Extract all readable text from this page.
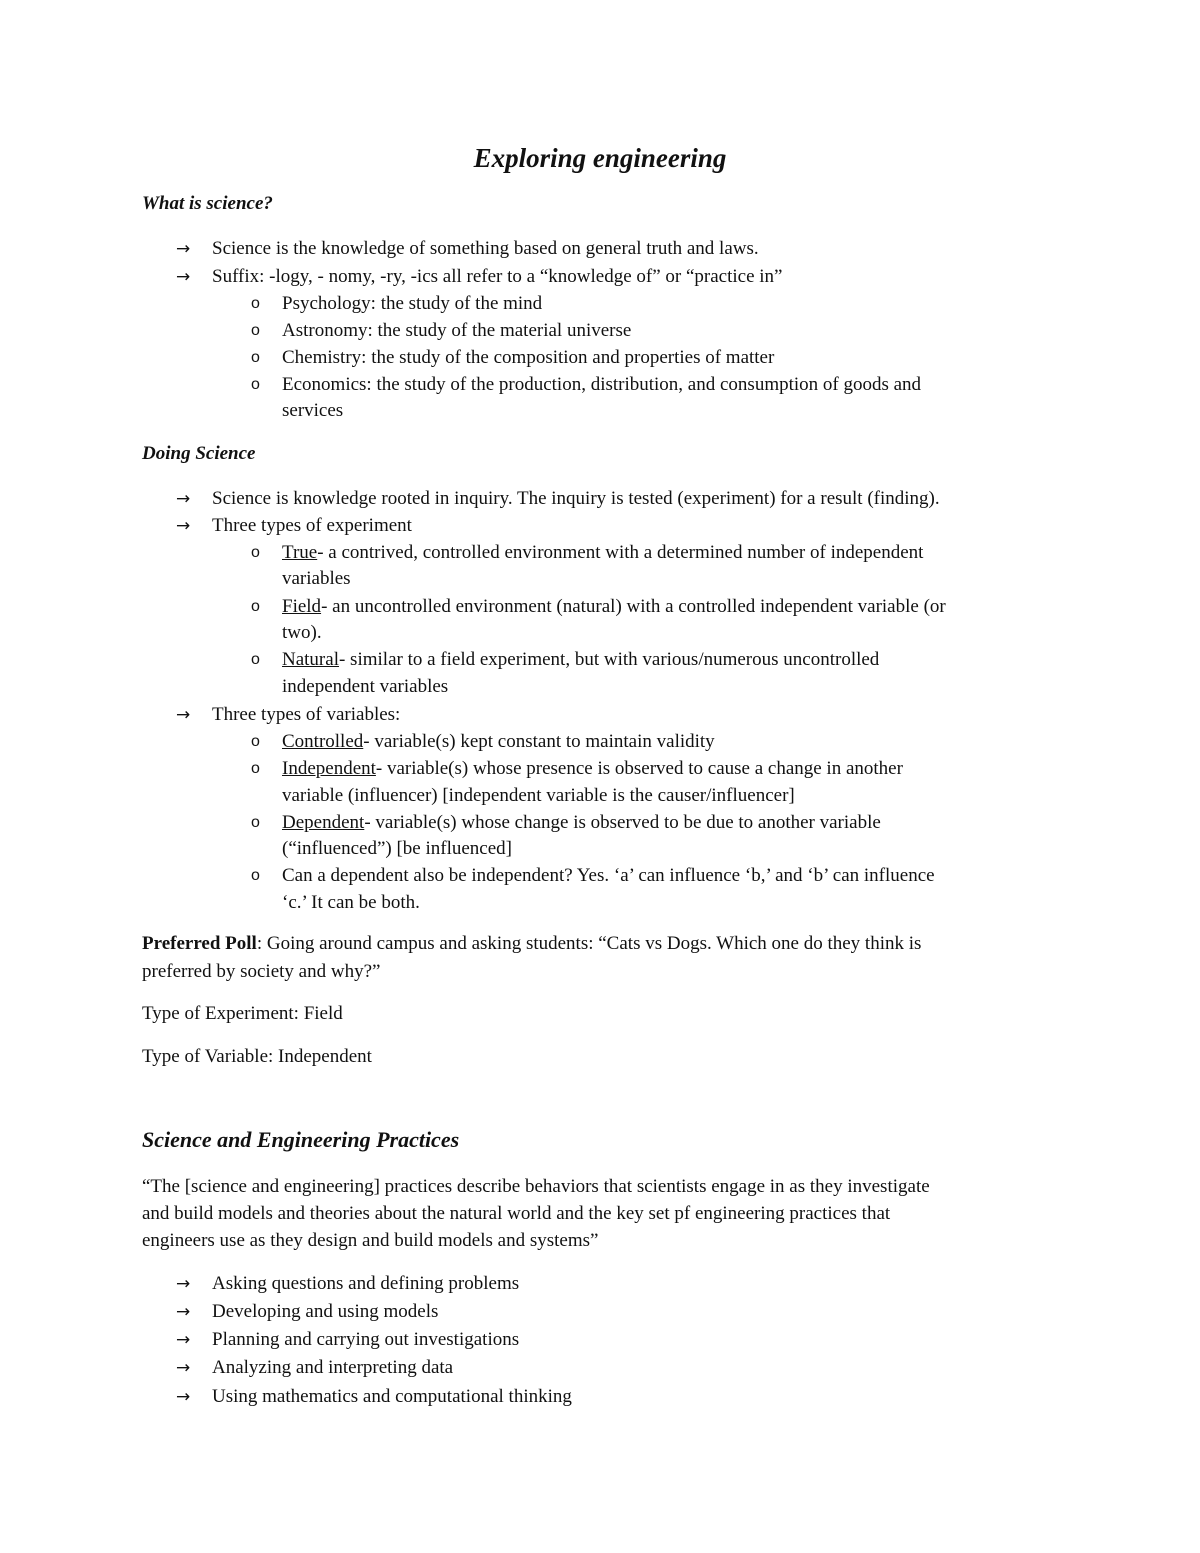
Exploring engineering
What is science?
→ Science is the knowledge of something based on general truth and laws.
→ Suffix: -logy, - nomy, -ry, -ics all refer to a “knowledge of” or “practice in”
o Psychology: the study of the mind
o Astronomy: the study of the material universe
o Chemistry: the study of the composition and properties of matter
o Economics: the study of the production, distribution, and consumption of goods and
services
Doing Science
→ Science is knowledge rooted in inquiry. The inquiry is tested (experiment) for a result (finding).
→ Three types of experiment
o True- a contrived, controlled environment with a determined number of independent
variables
o Field- an uncontrolled environment (natural) with a controlled independent variable (or
two).
o Natural- similar to a field experiment, but with various/numerous uncontrolled
independent variables
→ Three types of variables:
o Controlled- variable(s) kept constant to maintain validity
o Independent- variable(s) whose presence is observed to cause a change in another
variable (influencer) [independent variable is the causer/influencer]
o Dependent- variable(s) whose change is observed to be due to another variable
(“influenced”) [be influenced]
o Can a dependent also be independent? Yes. ‘a’ can influence ‘b,’ and ‘b’ can influence
‘c.’ It can be both.
Preferred Poll: Going around campus and asking students: “Cats vs Dogs. Which one do they think is
preferred by society and why?”
Type of Experiment: Field
Type of Variable: Independent
Science and Engineering Practices
“The [science and engineering] practices describe behaviors that scientists engage in as they investigate
and build models and theories about the natural world and the key set pf engineering practices that
engineers use as they design and build models and systems”
→ Asking questions and defining problems
→ Developing and using models
→ Planning and carrying out investigations
→ Analyzing and interpreting data
→ Using mathematics and computational thinking
